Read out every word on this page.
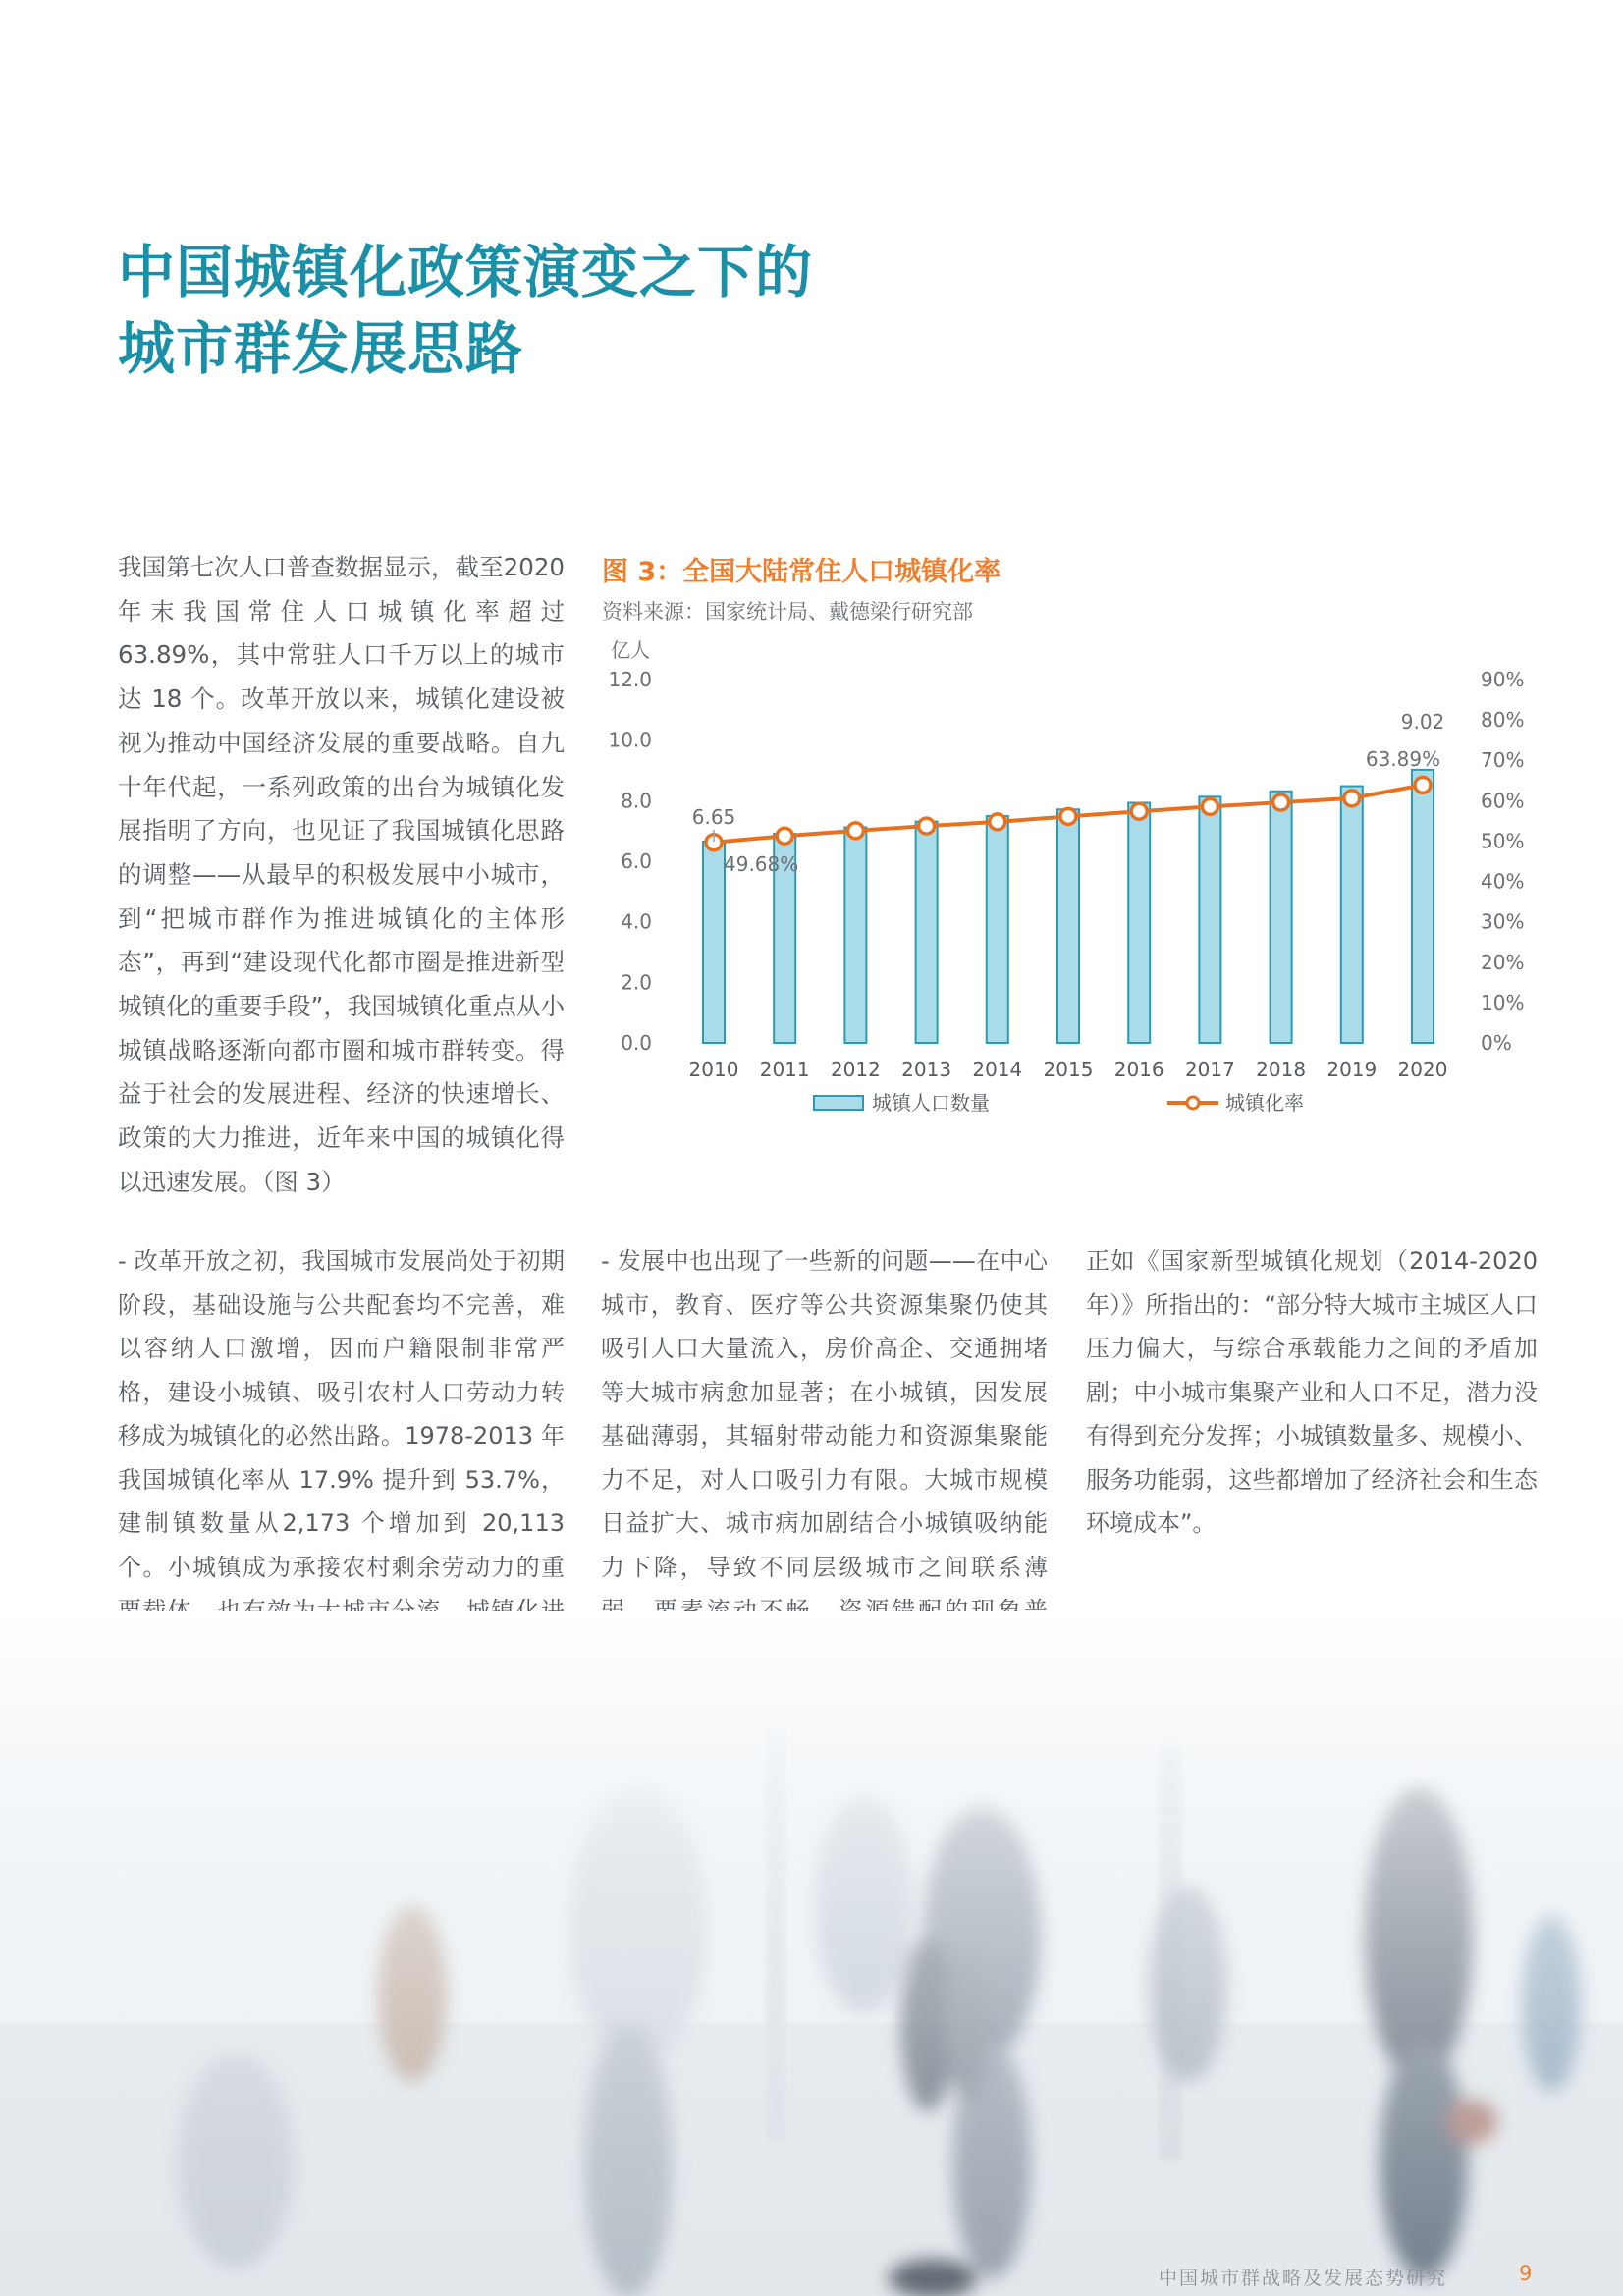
中国城镇化政策演变之下的
城市群发展思路
我国第七次人口普查数据显示，截至2020 年末我国常住人口城镇化率超过63.89%，其中常驻人口千万以上的城市达 18 个。改革开放以来，城镇化建设被视为推动中国经济发展的重要战略。自九十年代起，一系列政策的出台为城镇化发展指明了方向，也见证了我国城镇化思路的调整——从最早的积极发展中小城市，到“把城市群作为推进城镇化的主体形态”，再到“建设现代化都市圈是推进新型城镇化的重要手段”，我国城镇化重点从小城镇战略逐渐向都市圈和城市群转变。得益于社会的发展进程、经济的快速增长、政策的大力推进，近年来中国的城镇化得以迅速发展。（图 3）
图 3：全国大陆常住人口城镇化率
资料来源：国家统计局、戴德梁行研究部
0.0
2.0
4.0
6.0
8.0
10.0
12.0
0%
10%
20%
30%
40%
50%
60%
70%
80%
90%
2010 2011 2012 2013 2014 2015 2016 2017 2018 2019 2020
6.65
49.68%
9.02
63.89%
城镇人口数量	城镇化率
亿人
- 改革开放之初，我国城市发展尚处于初期阶段，基础设施与公共配套均不完善，难以容纳人口激增，因而户籍限制非常严格，建设小城镇、吸引农村人口劳动力转移成为城镇化的必然出路。1978-2013 年我国城镇化率从 17.9% 提升到 53.7%，建制镇数量从2,173 个增加到 20,113 个。小城镇成为承接农村剩余劳动力的重
- 发展中也出现了一些新的问题——在中心城市，教育、医疗等公共资源集聚仍使其吸引人口大量流入，房价高企、交通拥堵等大城市病愈加显著；在小城镇，因发展基础薄弱，其辐射带动能力和资源集聚能力不足，对人口吸引力有限。大城市规模日益扩大、城市病加剧结合小城镇吸纳能力下降，导致不同层级城市之间联系薄
正如《国家新型城镇化规划（2014-2020年）》所指出的：“部分特大城市主城区人口压力偏大，与综合承载能力之间的矛盾加剧；中小城市集聚产业和人口不足，潜力没有得到充分发挥；小城镇数量多、规模小、服务功能弱，这些都增加了经济社会和生态环境成本”。
中国城市群战略及发展态势研究	9
